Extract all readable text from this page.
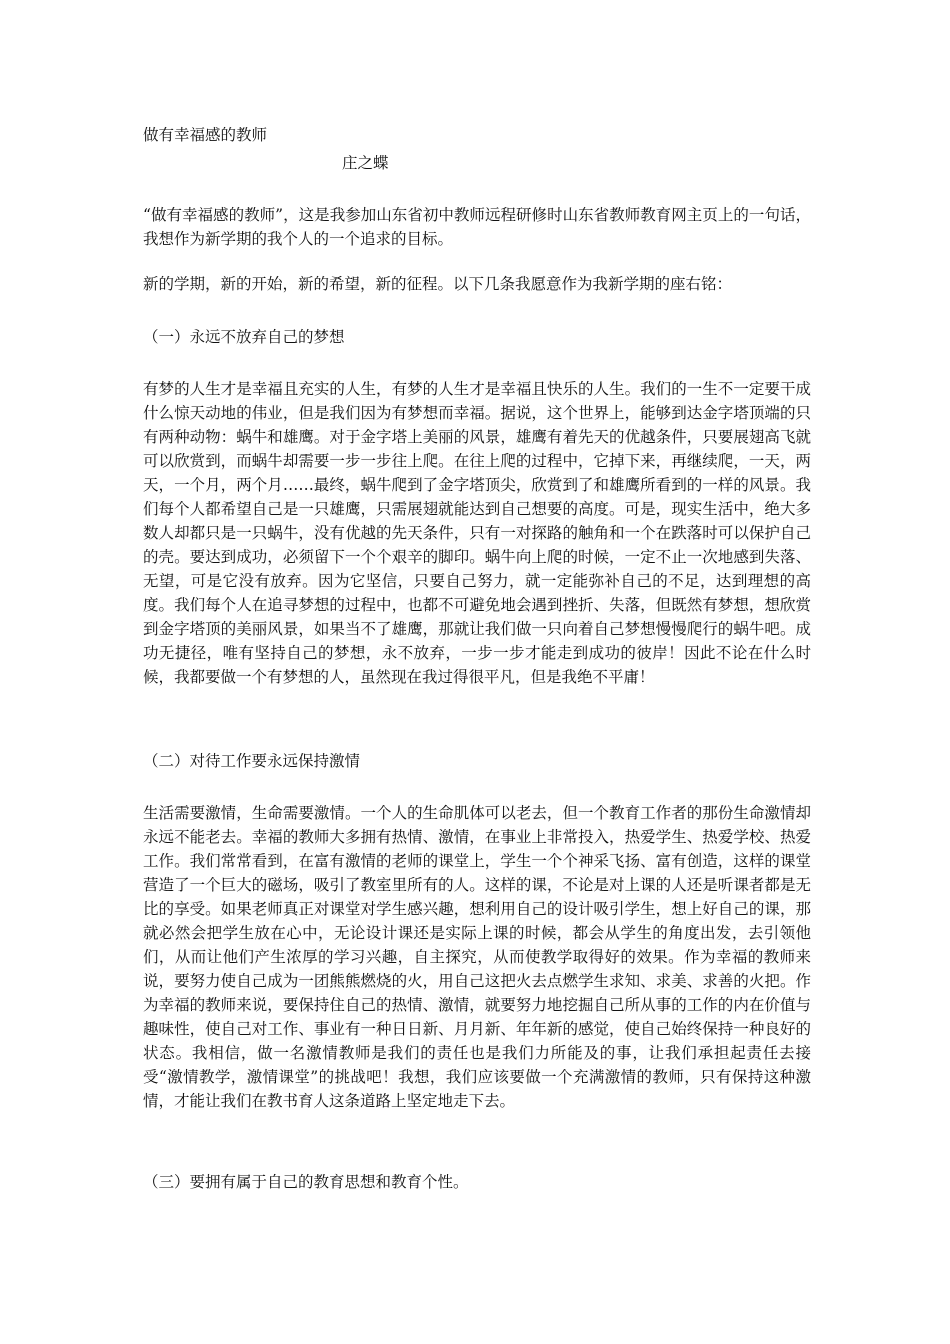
做有幸福感的教师
庄之蝶
“做有幸福感的教师”，这是我参加山东省初中教师远程研修时山东省教师教育网主页上的一句话，我想作为新学期的我个人的一个追求的目标。
新的学期，新的开始，新的希望，新的征程。以下几条我愿意作为我新学期的座右铭：
（一）永远不放弃自己的梦想
有梦的人生才是幸福且充实的人生，有梦的人生才是幸福且快乐的人生。我们的一生不一定要干成什么惊天动地的伟业，但是我们因为有梦想而幸福。据说，这个世界上，能够到达金字塔顶端的只有两种动物：蜗牛和雄鹰。对于金字塔上美丽的风景，雄鹰有着先天的优越条件，只要展翅高飞就可以欣赏到，而蜗牛却需要一步一步往上爬。在往上爬的过程中，它掉下来，再继续爬，一天，两天，一个月，两个月……最终，蜗牛爬到了金字塔顶尖，欣赏到了和雄鹰所看到的一样的风景。我们每个人都希望自己是一只雄鹰，只需展翅就能达到自己想要的高度。可是，现实生活中，绝大多数人却都只是一只蜗牛，没有优越的先天条件，只有一对探路的触角和一个在跌落时可以保护自己的壳。要达到成功，必须留下一个个艰辛的脚印。蜗牛向上爬的时候，一定不止一次地感到失落、无望，可是它没有放弃。因为它坚信，只要自己努力，就一定能弥补自己的不足，达到理想的高度。我们每个人在追寻梦想的过程中，也都不可避免地会遇到挫折、失落，但既然有梦想，想欣赏到金字塔顶的美丽风景，如果当不了雄鹰，那就让我们做一只向着自己梦想慢慢爬行的蜗牛吧。成功无捷径，唯有坚持自己的梦想，永不放弃，一步一步才能走到成功的彼岸！因此不论在什么时候，我都要做一个有梦想的人，虽然现在我过得很平凡，但是我绝不平庸！
（二）对待工作要永远保持激情
生活需要激情，生命需要激情。一个人的生命肌体可以老去，但一个教育工作者的那份生命激情却永远不能老去。幸福的教师大多拥有热情、激情，在事业上非常投入，热爱学生、热爱学校、热爱工作。我们常常看到，在富有激情的老师的课堂上，学生一个个神采飞扬、富有创造，这样的课堂营造了一个巨大的磁场，吸引了教室里所有的人。这样的课，不论是对上课的人还是听课者都是无比的享受。如果老师真正对课堂对学生感兴趣，想利用自己的设计吸引学生，想上好自己的课，那就必然会把学生放在心中，无论设计课还是实际上课的时候，都会从学生的角度出发，去引领他们，从而让他们产生浓厚的学习兴趣，自主探究，从而使教学取得好的效果。作为幸福的教师来说，要努力使自己成为一团熊熊燃烧的火，用自己这把火去点燃学生求知、求美、求善的火把。作为幸福的教师来说，要保持住自己的热情、激情，就要努力地挖掘自己所从事的工作的内在价值与趣味性，使自己对工作、事业有一种日日新、月月新、年年新的感觉，使自己始终保持一种良好的状态。我相信，做一名激情教师是我们的责任也是我们力所能及的事，让我们承担起责任去接受“激情教学，激情课堂”的挑战吧！我想，我们应该要做一个充满激情的教师，只有保持这种激情，才能让我们在教书育人这条道路上坚定地走下去。
（三）要拥有属于自己的教育思想和教育个性。
